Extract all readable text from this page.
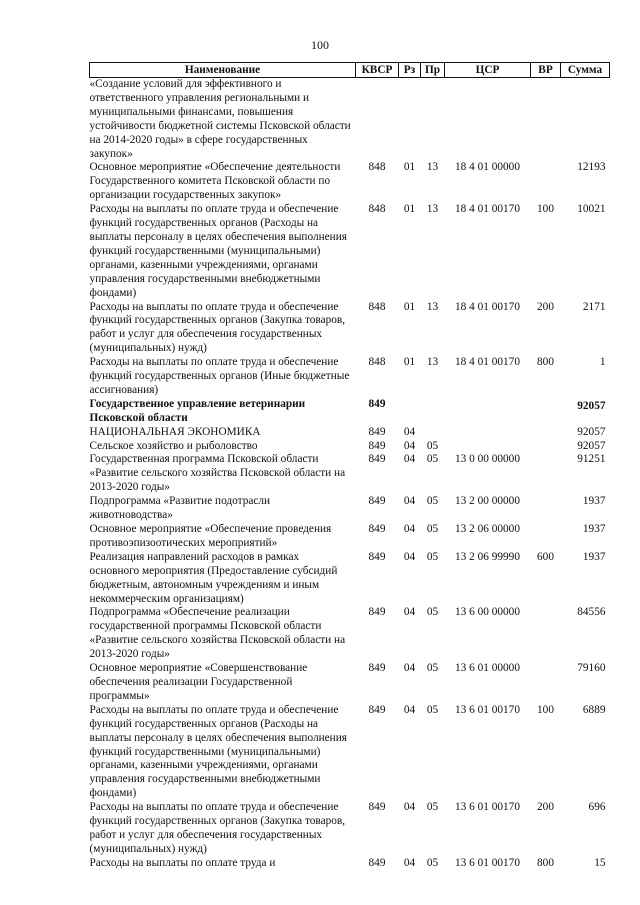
100
Наименование	КВСР	Рз	Пр	ЦСР	ВР	Сумма
«Создание условий для эффективного и ответственного управления региональными и муниципальными финансами, повышения устойчивости бюджетной системы Псковской области на 2014-2020 годы» в сфере государственных закупок»						
Основное мероприятие «Обеспечение деятельности Государственного комитета Псковской области по организации государственных закупок»	848	01	13	18 4 01 00000		12193
Расходы на выплаты по оплате труда и обеспечение функций государственных органов (Расходы на выплаты персоналу в целях обеспечения выполнения функций государственными (муниципальными) органами, казенными учреждениями, органами управления государственными внебюджетными фондами)	848	01	13	18 4 01 00170	100	10021
Расходы на выплаты по оплате труда и обеспечение функций государственных органов (Закупка товаров, работ и услуг для обеспечения государственных (муниципальных) нужд)	848	01	13	18 4 01 00170	200	2171
Расходы на выплаты по оплате труда и обеспечение функций государственных органов (Иные бюджетные ассигнования)	848	01	13	18 4 01 00170	800	1
Государственное управление ветеринарии Псковской области	849					92057
НАЦИОНАЛЬНАЯ ЭКОНОМИКА	849	04				92057
Сельское хозяйство и рыболовство	849	04	05			92057
Государственная программа Псковской области «Развитие сельского хозяйства Псковской области на 2013-2020 годы»	849	04	05	13 0 00 00000		91251
Подпрограмма «Развитие подотрасли животноводства»	849	04	05	13 2 00 00000		1937
Основное мероприятие «Обеспечение проведения противоэпизоотических мероприятий»	849	04	05	13 2 06 00000		1937
Реализация направлений расходов в рамках основного мероприятия (Предоставление субсидий бюджетным, автономным учреждениям и иным некоммерческим организациям)	849	04	05	13 2 06 99990	600	1937
Подпрограмма «Обеспечение реализации государственной программы Псковской области «Развитие сельского хозяйства Псковской области на 2013-2020 годы»	849	04	05	13 6 00 00000		84556
Основное мероприятие «Совершенствование обеспечения реализации Государственной программы»	849	04	05	13 6 01 00000		79160
Расходы на выплаты по оплате труда и обеспечение функций государственных органов (Расходы на выплаты персоналу в целях обеспечения выполнения функций государственными (муниципальными) органами, казенными учреждениями, органами управления государственными внебюджетными фондами)	849	04	05	13 6 01 00170	100	6889
Расходы на выплаты по оплате труда и обеспечение функций государственных органов (Закупка товаров, работ и услуг для обеспечения государственных (муниципальных) нужд)	849	04	05	13 6 01 00170	200	696
Расходы на выплаты по оплате труда и	849	04	05	13 6 01 00170	800	15
